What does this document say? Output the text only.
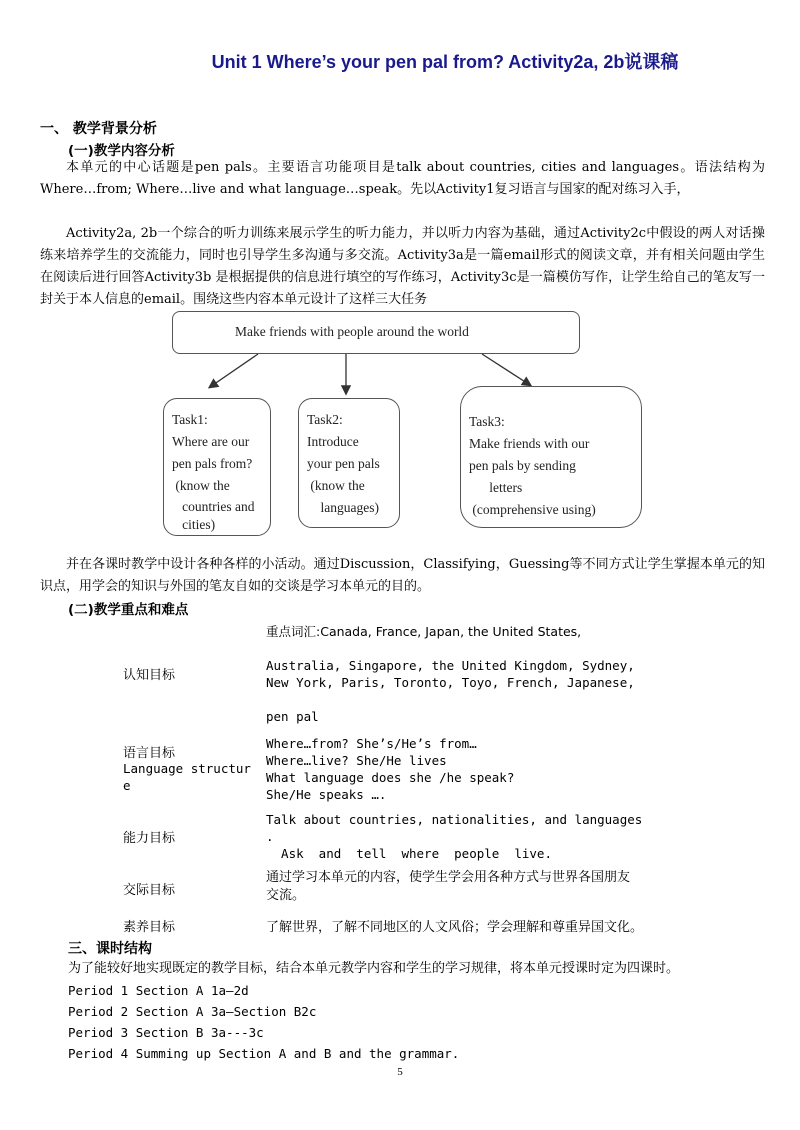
Unit 1 Where’s your pen pal from? Activity2a, 2b说课稿
一、 教学背景分析
(一)教学内容分析
本单元的中心话题是pen pals。主要语言功能项目是talk about countries, cities and languages。语法结构为 Where…from; Where…live and what language…speak。先以Activity1复习语言与国家的配对练习入手，
Activity2a, 2b一个综合的听力训练来展示学生的听力能力，并以听力内容为基础，通过Activity2c中假设的两人对话操练来培养学生的交流能力，同时也引导学生多沟通与多交流。Activity3a是一篇email形式的阅读文章，并有相关问题由学生在阅读后进行回答Activity3b 是根据提供的信息进行填空的写作练习，Activity3c是一篇模仿写作，让学生给自己的笔友写一封关于本人信息的email。围绕这些内容本单元设计了这样三大任务
Make friends with people around the world
Task1:
Where are our
pen pals from?
(know the
countries and
cities)
Task2:
Introduce
your pen pals
(know the
languages)
Task3:
Make friends with our
pen pals by sending
letters
(comprehensive using)
并在各课时教学中设计各种各样的小活动。通过Discussion，Classifying，Guessing等不同方式让学生掌握本单元的知识点，用学会的知识与外国的笔友自如的交谈是学习本单元的目的。
(二)教学重点和难点
认知目标
重点词汇:Canada, France, Japan, the United States,
Australia, Singapore, the United Kingdom, Sydney,
New York, Paris, Toronto, Toyo, French, Japanese,
pen pal
语言目标
Language structure
Where…from? She’s/He’s from…
Where…live? She/He lives
What language does she /he speak?
She/He speaks ….
能力目标
Talk about countries, nationalities, and languages
.
Ask  and  tell  where  people  live.
交际目标
通过学习本单元的内容，使学生学会用各种方式与世界各国朋友
交流。
素养目标	了解世界，了解不同地区的人文风俗；学会理解和尊重异国文化。
三、课时结构
为了能较好地实现既定的教学目标，结合本单元教学内容和学生的学习规律，将本单元授课时定为四课时。
Period 1 Section A 1a—2d
Period 2 Section A 3a—Section B2c
Period 3 Section B 3a---3c
Period 4 Summing up Section A and B and the grammar.
5
